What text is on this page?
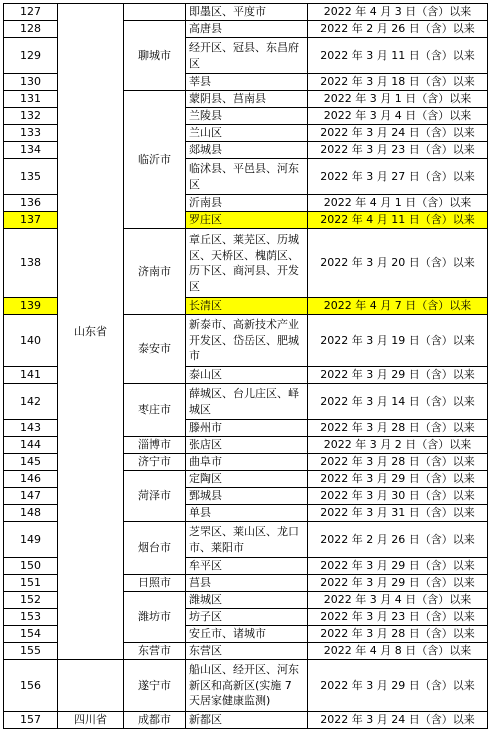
127	山东省		即墨区、平度市	2022 年 4 月 3 日（含）以来
128		聊城市	高唐县	2022 年 2 月 26 日（含）以来
129			经开区、冠县、东昌府区	2022 年 3 月 11 日（含）以来
130			莘县	2022 年 3 月 18 日（含）以来
131		临沂市	蒙阴县、莒南县	2022 年 3 月 1 日（含）以来
132			兰陵县	2022 年 3 月 4 日（含）以来
133			兰山区	2022 年 3 月 24 日（含）以来
134			郯城县	2022 年 3 月 23 日（含）以来
135			临沭县、平邑县、河东区	2022 年 3 月 27 日（含）以来
136			沂南县	2022 年 4 月 1 日（含）以来
137			罗庄区	2022 年 4 月 11 日（含）以来
138		济南市	章丘区、莱芜区、历城区、天桥区、槐荫区、历下区、商河县、开发区	2022 年 3 月 20 日（含）以来
139			长清区	2022 年 4 月 7 日（含）以来
140		泰安市	新泰市、高新技术产业开发区、岱岳区、肥城市	2022 年 3 月 19 日（含）以来
141			泰山区	2022 年 3 月 29 日（含）以来
142		枣庄市	薛城区、台儿庄区、峄城区	2022 年 3 月 14 日（含）以来
143			滕州市	2022 年 3 月 28 日（含）以来
144		淄博市	张店区	2022 年 3 月 2 日（含）以来
145		济宁市	曲阜市	2022 年 3 月 28 日（含）以来
146		菏泽市	定陶区	2022 年 3 月 29 日（含）以来
147			鄄城县	2022 年 3 月 30 日（含）以来
148			单县	2022 年 3 月 31 日（含）以来
149		烟台市	芝罘区、莱山区、龙口市、莱阳市	2022 年 2 月 26 日（含）以来
150			牟平区	2022 年 3 月 29 日（含）以来
151		日照市	莒县	2022 年 3 月 29 日（含）以来
152		潍坊市	潍城区	2022 年 3 月 4 日（含）以来
153			坊子区	2022 年 3 月 23 日（含）以来
154			安丘市、诸城市	2022 年 3 月 28 日（含）以来
155		东营市	东营区	2022 年 4 月 8 日（含）以来
156		遂宁市	船山区、经开区、河东新区和高新区(实施 7 天居家健康监测)	2022 年 3 月 29 日（含）以来
157	四川省	成都市	新都区	2022 年 3 月 24 日（含）以来
